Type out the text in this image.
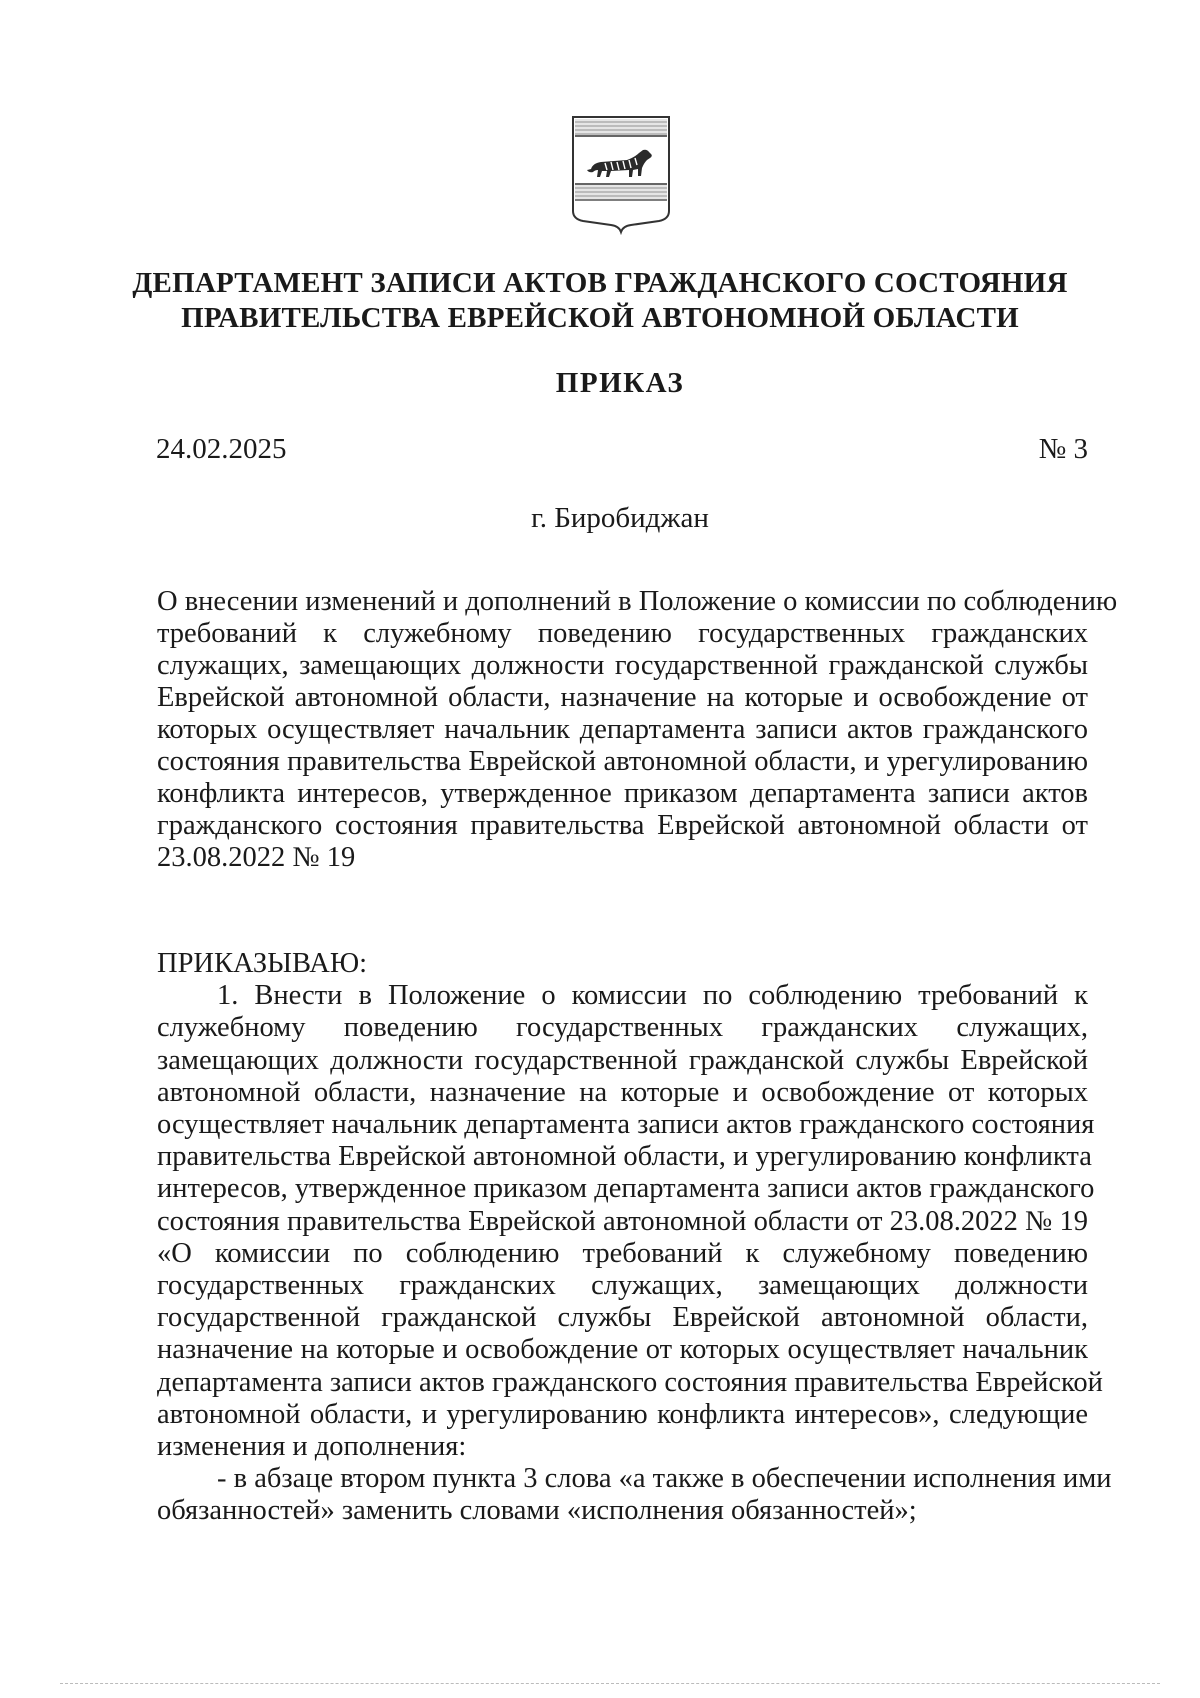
ДЕПАРТАМЕНТ ЗАПИСИ АКТОВ ГРАЖДАНСКОГО СОСТОЯНИЯ
ПРАВИТЕЛЬСТВА ЕВРЕЙСКОЙ АВТОНОМНОЙ ОБЛАСТИ
ПРИКАЗ
24.02.2025	№ 3
г. Биробиджан
О внесении изменений и дополнений в Положение о комиссии по соблюдению
требований к служебному поведению государственных гражданских
служащих, замещающих должности государственной гражданской службы
Еврейской автономной области, назначение на которые и освобождение от
которых осуществляет начальник департамента записи актов гражданского
состояния правительства Еврейской автономной области, и урегулированию
конфликта интересов, утвержденное приказом департамента записи актов
гражданского состояния правительства Еврейской автономной области от
23.08.2022 № 19
ПРИКАЗЫВАЮ:
1. Внести в Положение о комиссии по соблюдению требований к
служебному поведению государственных гражданских служащих,
замещающих должности государственной гражданской службы Еврейской
автономной области, назначение на которые и освобождение от которых
осуществляет начальник департамента записи актов гражданского состояния
правительства Еврейской автономной области, и урегулированию конфликта
интересов, утвержденное приказом департамента записи актов гражданского
состояния правительства Еврейской автономной области от 23.08.2022 № 19
«О комиссии по соблюдению требований к служебному поведению
государственных гражданских служащих, замещающих должности
государственной гражданской службы Еврейской автономной области,
назначение на которые и освобождение от которых осуществляет начальник
департамента записи актов гражданского состояния правительства Еврейской
автономной области, и урегулированию конфликта интересов», следующие
изменения и дополнения:
- в абзаце втором пункта 3 слова «а также в обеспечении исполнения ими
обязанностей» заменить словами «исполнения обязанностей»;
